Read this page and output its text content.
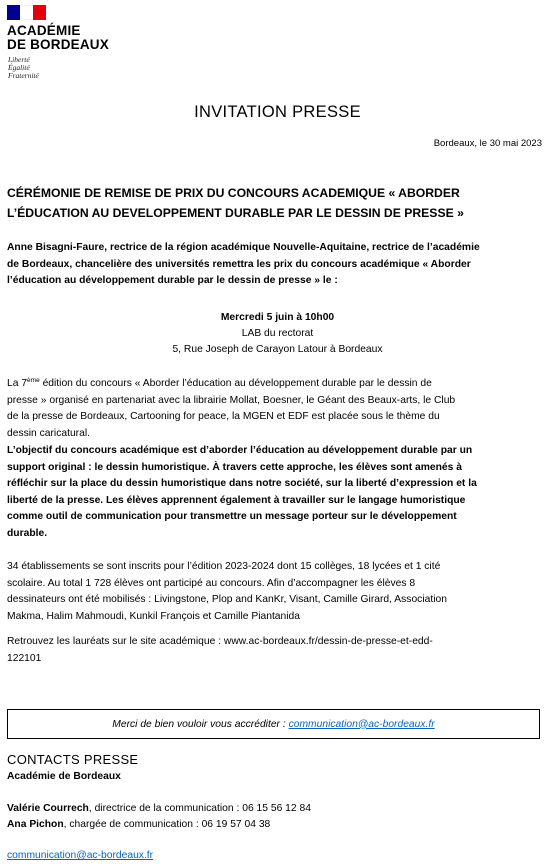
ACADÉMIE
DE BORDEAUX
Liberté
Égalité
Fraternité
INVITATION PRESSE
Bordeaux, le 30 mai 2023
CÉRÉMONIE DE REMISE DE PRIX DU CONCOURS ACADEMIQUE « ABORDER
L’ÉDUCATION AU DEVELOPPEMENT DURABLE PAR LE DESSIN DE PRESSE »
Anne Bisagni-Faure, rectrice de la région académique Nouvelle-Aquitaine, rectrice de l’académie
de Bordeaux, chancelière des universités remettra les prix du concours académique « Aborder
l’éducation au développement durable par le dessin de presse » le :
Mercredi 5 juin à 10h00
LAB du rectorat
5, Rue Joseph de Carayon Latour à Bordeaux
La 7ème édition du concours « Aborder l’éducation au développement durable par le dessin de
presse » organisé en partenariat avec la librairie Mollat, Boesner, le Géant des Beaux-arts, le Club
de la presse de Bordeaux, Cartooning for peace, la MGEN et EDF est placée sous le thème du
dessin caricatural.
L’objectif du concours académique est d’aborder l’éducation au développement durable par un
support original : le dessin humoristique. À travers cette approche, les élèves sont amenés à
réfléchir sur la place du dessin humoristique dans notre société, sur la liberté d’expression et la
liberté de la presse. Les élèves apprennent également à travailler sur le langage humoristique
comme outil de communication pour transmettre un message porteur sur le développement
durable.
34 établissements se sont inscrits pour l’édition 2023-2024 dont 15 collèges, 18 lycées et 1 cité
scolaire. Au total 1 728 élèves ont participé au concours. Afin d’accompagner les élèves 8
dessinateurs ont été mobilisés : Livingstone, Plop and KanKr, Visant, Camille Girard, Association
Makma, Halim Mahmoudi, Kunkil François et Camille Piantanida
Retrouvez les lauréats sur le site académique : www.ac-bordeaux.fr/dessin-de-presse-et-edd-
122101
Merci de bien vouloir vous accréditer :
communication@ac-bordeaux.fr
CONTACTS PRESSE
Académie de Bordeaux
Valérie Courrech, directrice de la communication : 06 15 56 12 84
Ana Pichon, chargée de communication : 06 19 57 04 38
communication@ac-bordeaux.fr
